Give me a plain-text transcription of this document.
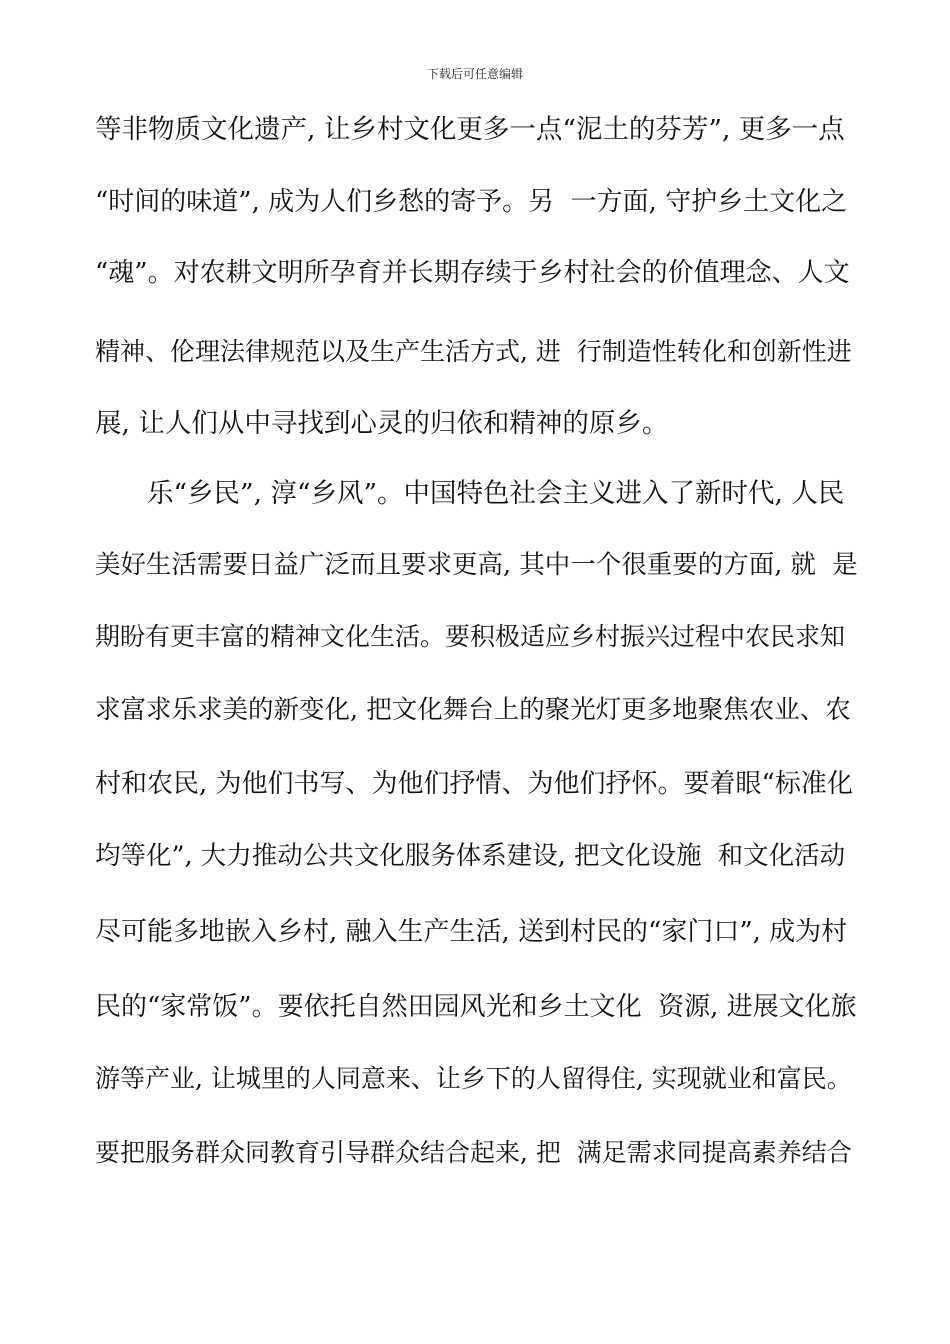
下载后可任意编辑
等非物质文化遗产, 让乡村文化更多一点“泥土的芬芳”, 更多一点
“时间的味道”, 成为人们乡愁的寄予。另  一方面, 守护乡土文化之
“魂”。对农耕文明所孕育并长期存续于乡村社会的价值理念、人文
精神、伦理法律规范以及生产生活方式, 进  行制造性转化和创新性进
展, 让人们从中寻找到心灵的归依和精神的原乡。
乐“乡民”, 淳“乡风”。中国特色社会主义进入了新时代, 人民
美好生活需要日益广泛而且要求更高, 其中一个很重要的方面, 就  是
期盼有更丰富的精神文化生活。要积极适应乡村振兴过程中农民求知
求富求乐求美的新变化, 把文化舞台上的聚光灯更多地聚焦农业、农
村和农民, 为他们书写、为他们抒情、为他们抒怀。要着眼“标准化
均等化”, 大力推动公共文化服务体系建设, 把文化设施  和文化活动
尽可能多地嵌入乡村, 融入生产生活, 送到村民的“家门口”, 成为村
民的“家常饭”。要依托自然田园风光和乡土文化  资源, 进展文化旅
游等产业, 让城里的人同意来、让乡下的人留得住, 实现就业和富民。
要把服务群众同教育引导群众结合起来, 把  满足需求同提高素养结合
